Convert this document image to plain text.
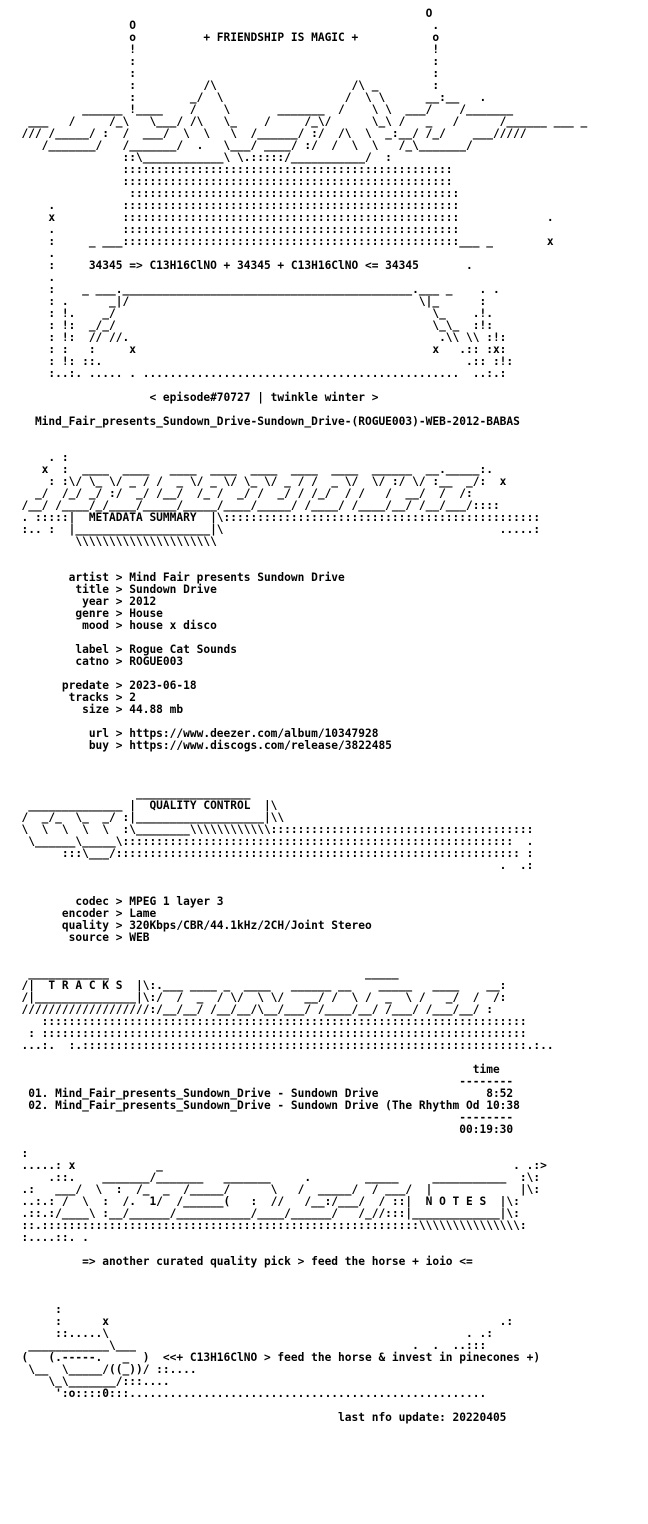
O
O                                            .
o          + FRIENDSHIP IS MAGIC +           o
!                                            !
:                                            :
:                                            :
:          /\                    /\ _        :
:        _/  \                  /  \ \      __:__   .
______ !____    /    \       _______  /    \ \  ___/    /_______
___   /     /_\   \___/ /\   \_    /     /_\/      \_\ /   _   /      /______ ___ _
/// /_____/ :  /  ___/  \  \   \  /______/ :/  /\  \  _:__/ /_/    ___/////
/_______/   /_______/  .   \___/ ____/ :/  /  \  \   /_\_______/
::\____________\ \.:::::/___________/  :
:::::::::::::::::::::::::::::::::::::::::::::::::
:::::::::::::::::::::::::::::::::::::::::::::::::
:::::::::::::::::::::::::::::::::::::::::::::::::
.          ::::::::::::::::::::::::::::::::::::::::::::::::::
x          ::::::::::::::::::::::::::::::::::::::::::::::::::             .
.          ::::::::::::::::::::::::::::::::::::::::::::::::::
:     _ ___::::::::::::::::::::::::::::::::::::::::::::::::::___ _        x
.
:     34345 => C13H16ClNO + 34345 + C13H16ClNO <= 34345       .
.
:    _ ___.___________________________________________.___ _    . .
: .      _|/                                           \|_      :
: !.    _/                                               \_    .!.
: !:  _/_/                                               \_\_  :!:
: !:  // //.                                              .\\ \\ :!:
: :   :     x                                            x   .:: :x:
: !: ::.                                                      .:: :!:
:..:. ..... . ...............................................  ..:.:

< episode#70727 | twinkle winter >

Mind_Fair_presents_Sundown_Drive-Sundown_Drive-(ROGUE003)-WEB-2012-BABAS

. :
x  :  ____  ____   ____  ____  ____  ____  ____  ______  __._____:.
: :\/ \_ \/ _ / /  _ \/ _ \/ \_ \/ _ / /  _ \/  \/ :/ \/ :__  _/:  x
_/  /_/ _/ :/  _/ /__/  /_ /  _/ /  _/ / /_/  / /   /  __/  /  /:
/__/ /____/_/____/_____/_____/____/_____/ /____/ /____/__/ /__/___/::::
. :::::|  METADATA SUMMARY  |\:::::::::::::::::::::::::::::::::::::::::::::::
:.. :  |____________________|\                                         .....:
\\\\\\\\\\\\\\\\\\\\\

artist > Mind Fair presents Sundown Drive
title > Sundown Drive
year > 2012
genre > House
mood > house x disco

label > Rogue Cat Sounds
catno > ROGUE003

predate > 2023-06-18
tracks > 2
size > 44.88 mb

url > https://www.deezer.com/album/10347928
buy > https://www.discogs.com/release/3822485

_________________
______________ |  QUALITY CONTROL  |\
/  _/_  \_  _/ :|___________________|\\
\  \  \  \  \  :\________\\\\\\\\\\\\:::::::::::::::::::::::::::::::::::::::
\______\_____\::::::::::::::::::::::::::::::::::::::::::::::::::::::::::  .
:::\___/:::::::::::::::::::::::::::::::::::::::::::::::::::::::::::: :
.  .:

codec > MPEG 1 layer 3
encoder > Lame
quality > 320Kbps/CBR/44.1kHz/2CH/Joint Stereo
source > WEB

____________                                      _____
/|  T R A C K S  |\:.___ ____ _  ____   ______ __    _____   ____    __:
/|_______________|\:/  /  _  / \/  \ \/   __/ /  \ /  _  \ /   _/  /  /:
///////////////////:/__/__/ /__/__/\__/___/ /____/__/ /___/ /___/__/ :
::::::::::::::::::::::::::::::::::::::::::::::::::::::::::::::::::::::::
: ::::::::::::::::::::::::::::::::::::::::::::::::::::::::::::::::::::::::
...:.  :.::::::::::::::::::::::::::::::::::::::::::::::::::::::::::::::::::.:..

time
--------
01. Mind_Fair_presents_Sundown_Drive - Sundown Drive                8:52
02. Mind_Fair_presents_Sundown_Drive - Sundown Drive (The Rhythm Od 10:38
--------
00:19:30

:
.....: x            _                                                    . .:>
.::.    _______/_______   _______     .        _____     ___________  :\:
.:   ___/  \  :  /_  _  /_____/      \   /  _____/  / ___/  |             |\:
..:.: /  \  :  /.  1/  /______(   :  //   /__:/___/  / ::|  N O T E S  |\:
.::.:/____\ :__/______/___________/____/______/   /_//:::|_____________|\:
::.::::::::::::::::::::::::::::::::::::::::::::::::::::::::\\\\\\\\\\\\\\\:
:....::. .

=> another curated quality pick > feed the horse + ioio <=

:
:      x                                                          .:
::.....\                                                     . .:
____________\___                                         .  .  ..:::
(   (.-----.   _  )  <<+ C13H16ClNO > feed the horse & invest in pinecones +)
\__  \_____/((_))/ ::....
\_\_______/:::....
':o::::0:::.....................................................

last nfo update: 20220405
